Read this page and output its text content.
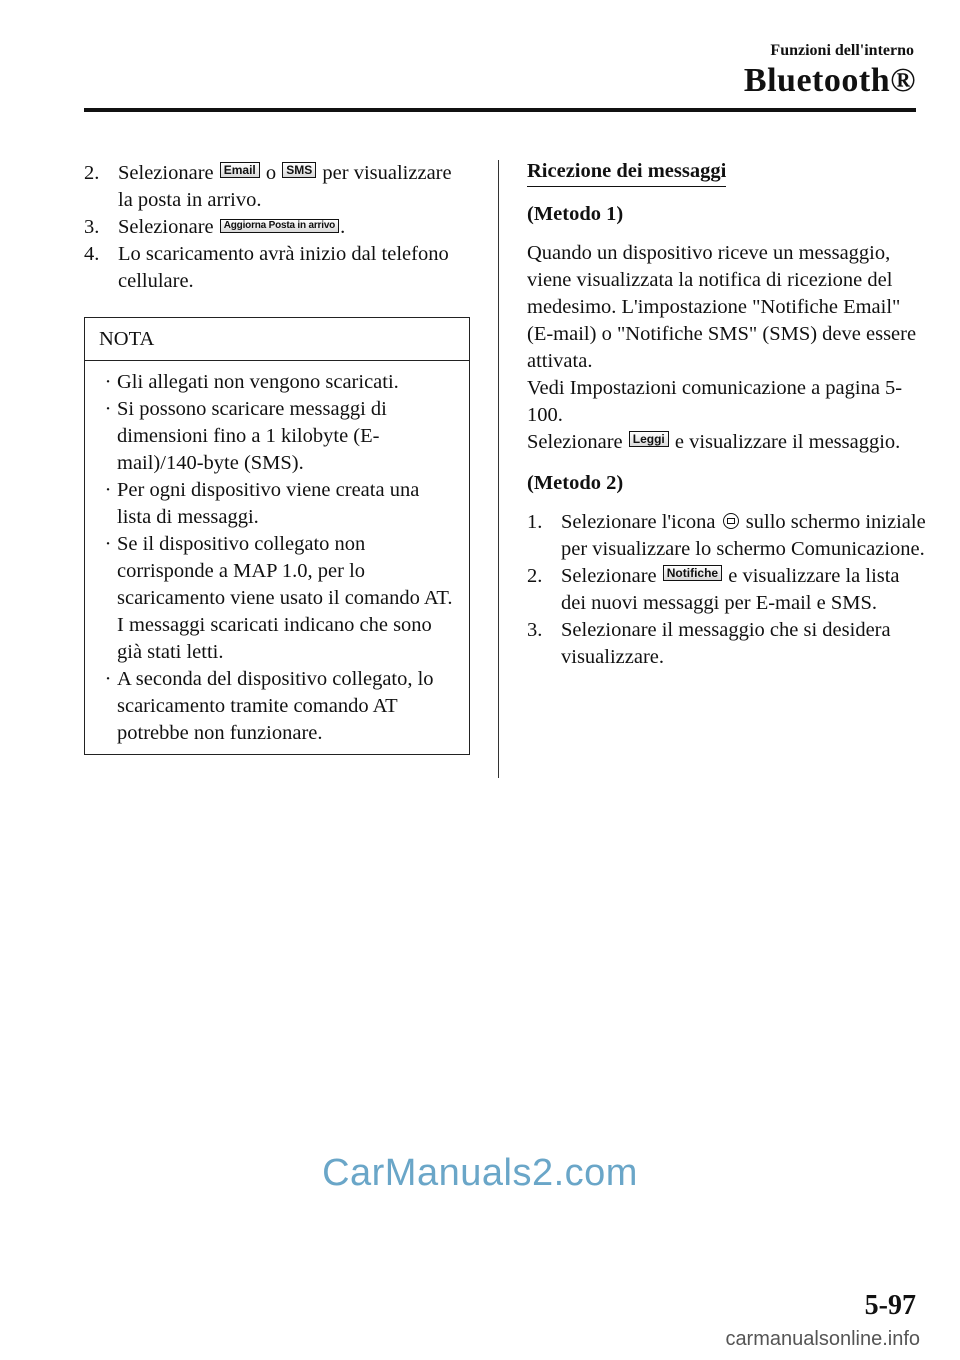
Funzioni dell'interno
Bluetooth®
2. Selezionare Email o SMS per visualizzare la posta in arrivo.
3. Selezionare Aggiorna Posta in arrivo .
4. Lo scaricamento avrà inizio dal telefono cellulare.
NOTA
· Gli allegati non vengono scaricati.
· Si possono scaricare messaggi di dimensioni fino a 1 kilobyte (E-mail)/140-byte (SMS).
· Per ogni dispositivo viene creata una lista di messaggi.
· Se il dispositivo collegato non corrisponde a MAP 1.0, per lo scaricamento viene usato il comando AT. I messaggi scaricati indicano che sono già stati letti.
· A seconda del dispositivo collegato, lo scaricamento tramite comando AT potrebbe non funzionare.
Ricezione dei messaggi
(Metodo 1)
Quando un dispositivo riceve un messaggio, viene visualizzata la notifica di ricezione del medesimo. L'impostazione "Notifiche Email" (E-mail) o "Notifiche SMS" (SMS) deve essere attivata.
Vedi Impostazioni comunicazione a pagina 5-100.
Selezionare Leggi e visualizzare il messaggio.
(Metodo 2)
1. Selezionare l'icona sullo schermo iniziale per visualizzare lo schermo Comunicazione.
2. Selezionare Notifiche e visualizzare la lista dei nuovi messaggi per E-mail e SMS.
3. Selezionare il messaggio che si desidera visualizzare.
CarManuals2.com
5-97
carmanualsonline.info
